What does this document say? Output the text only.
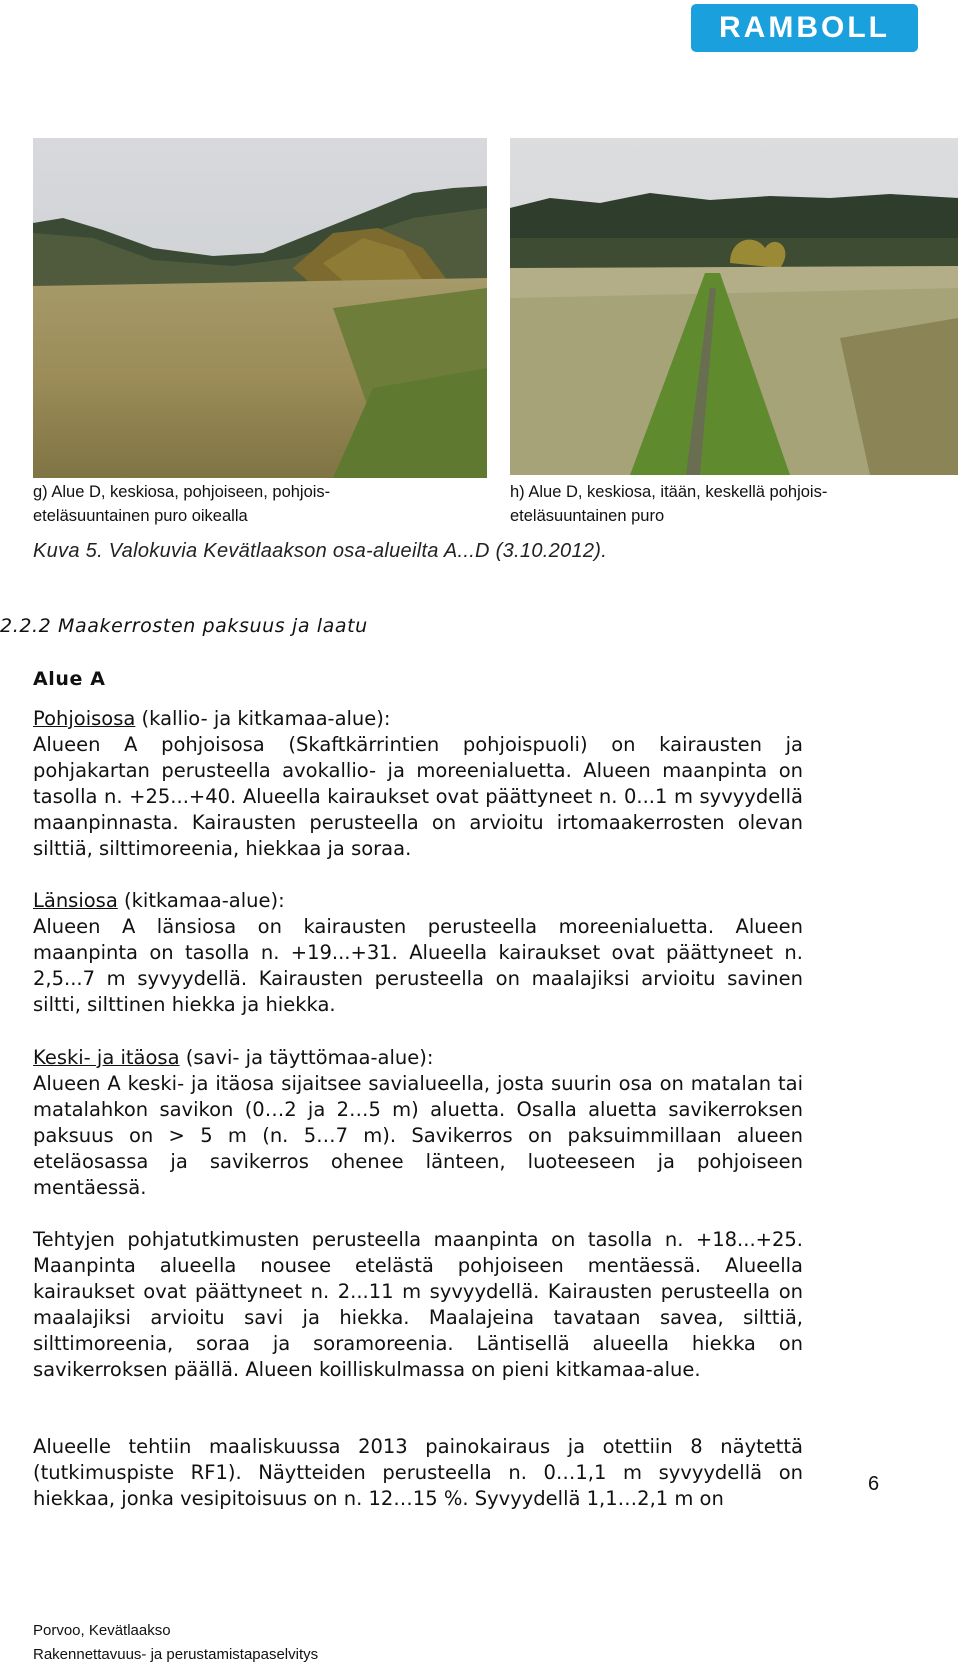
RAMBOLL
g) Alue D, keskiosa, pohjoiseen, pohjois-
eteläsuuntainen puro oikealla
h) Alue D, keskiosa, itään, keskellä pohjois-
eteläsuuntainen puro
Kuva 5. Valokuvia Kevätlaakson osa-alueilta A...D (3.10.2012).
2.2.2 Maakerrosten paksuus ja laatu
Alue A
Pohjoisosa (kallio- ja kitkamaa-alue):
Alueen A pohjoisosa (Skaftkärrintien pohjoispuoli) on kairausten ja pohjakartan perusteella avokallio- ja moreenialuetta. Alueen maanpinta on tasolla n. +25...+40. Alueella kairaukset ovat päättyneet n. 0...1 m syvyydellä maanpinnasta. Kairausten perusteella on arvioitu irtomaakerrosten olevan silttiä, silttimoreenia, hiekkaa ja soraa.
Länsiosa (kitkamaa-alue):
Alueen A länsiosa on kairausten perusteella moreenialuetta. Alueen maanpinta on tasolla n. +19...+31. Alueella kairaukset ovat päättyneet n. 2,5...7 m syvyydellä. Kairausten perusteella on maalajiksi arvioitu savinen siltti, silttinen hiekka ja hiekka.
Keski- ja itäosa (savi- ja täyttömaa-alue):
Alueen A keski- ja itäosa sijaitsee savialueella, josta suurin osa on matalan tai matalahkon savikon (0…2 ja 2…5 m) aluetta. Osalla aluetta savikerroksen paksuus on > 5 m (n. 5…7 m). Savikerros on paksuimmillaan alueen eteläosassa ja savikerros ohenee länteen, luoteeseen ja pohjoiseen mentäessä.
Tehtyjen pohjatutkimusten perusteella maanpinta on tasolla n. +18...+25. Maanpinta alueella nousee etelästä pohjoiseen mentäessä. Alueella kairaukset ovat päättyneet n. 2...11 m syvyydellä. Kairausten perusteella on maalajiksi arvioitu savi ja hiekka. Maalajeina tavataan savea, silttiä, silttimoreenia, soraa ja soramoreenia. Läntisellä alueella hiekka on savikerroksen päällä. Alueen koilliskulmassa on pieni kitkamaa-alue.
Alueelle tehtiin maaliskuussa 2013 painokairaus ja otettiin 8 näytettä (tutkimuspiste RF1). Näytteiden perusteella n. 0…1,1 m syvyydellä on hiekkaa, jonka vesipitoisuus on n. 12…15 %. Syvyydellä 1,1…2,1 m on
6
Porvoo, Kevätlaakso
Rakennettavuus- ja perustamistapaselvitys
